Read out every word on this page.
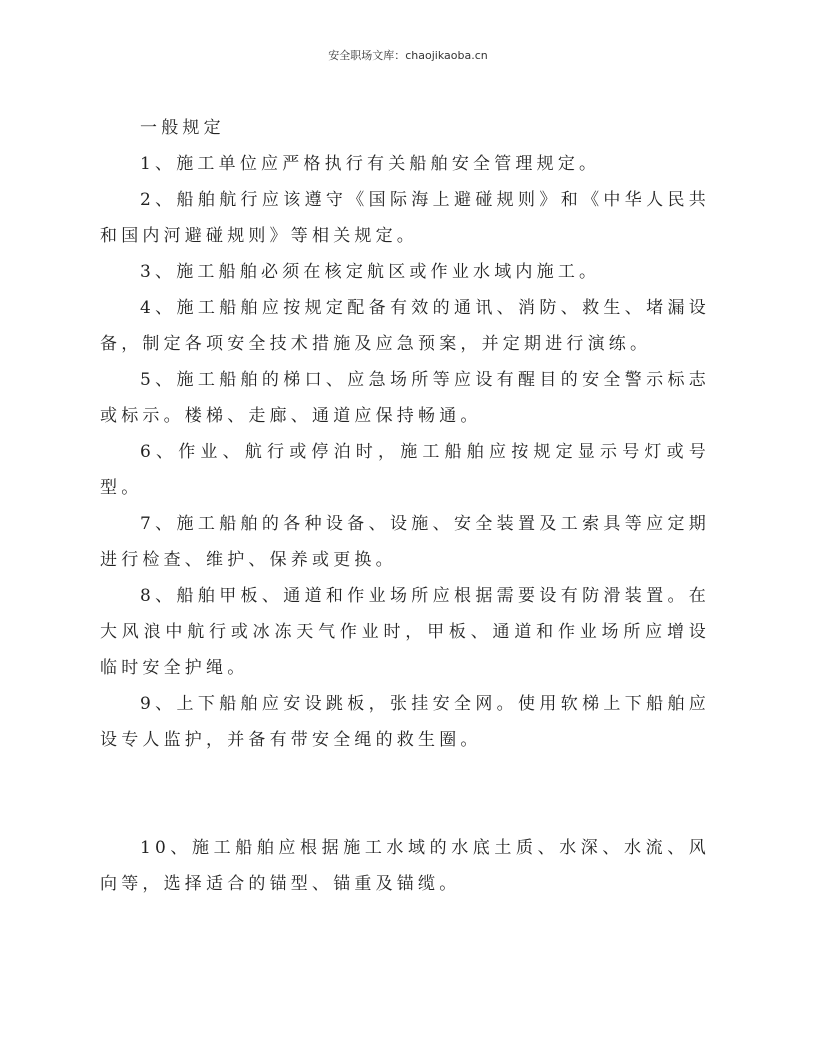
安全职场文库：chaojikaoba.cn

一般规定

1、施工单位应严格执行有关船舶安全管理规定。

2、船舶航行应该遵守《国际海上避碰规则》和《中华人民共和国内河避碰规则》等相关规定。

3、施工船舶必须在核定航区或作业水域内施工。

4、施工船舶应按规定配备有效的通讯、消防、救生、堵漏设备，制定各项安全技术措施及应急预案，并定期进行演练。

5、施工船舶的梯口、应急场所等应设有醒目的安全警示标志或标示。楼梯、走廊、通道应保持畅通。

6、作业、航行或停泊时，施工船舶应按规定显示号灯或号型。

7、施工船舶的各种设备、设施、安全装置及工索具等应定期进行检查、维护、保养或更换。

8、船舶甲板、通道和作业场所应根据需要设有防滑装置。在大风浪中航行或冰冻天气作业时，甲板、通道和作业场所应增设临时安全护绳。

9、上下船舶应安设跳板，张挂安全网。使用软梯上下船舶应设专人监护，并备有带安全绳的救生圈。

10、施工船舶应根据施工水域的水底土质、水深、水流、风向等，选择适合的锚型、锚重及锚缆。
